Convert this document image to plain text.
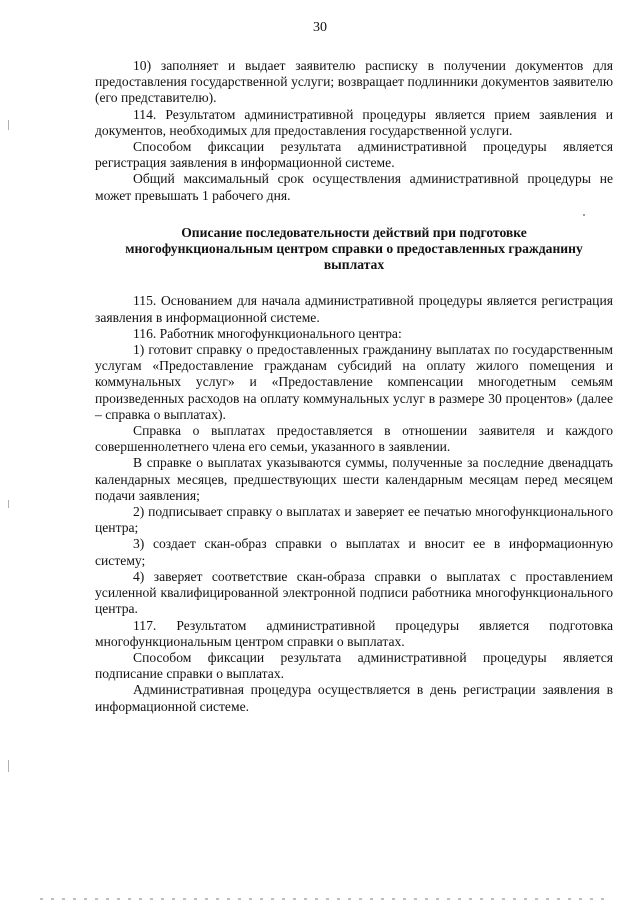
30

10) заполняет и выдает заявителю расписку в получении документов для предоставления государственной услуги; возвращает подлинники документов заявителю (его представителю).

114. Результатом административной процедуры является прием заявления и документов, необходимых для предоставления государственной услуги.

Способом фиксации результата административной процедуры является регистрация заявления в информационной системе.

Общий максимальный срок осуществления административной процедуры не может превышать 1 рабочего дня.

Описание последовательности действий при подготовке многофункциональным центром справки о предоставленных гражданину выплатах

115. Основанием для начала административной процедуры является регистрация заявления в информационной системе.

116. Работник многофункционального центра:

1) готовит справку о предоставленных гражданину выплатах по государственным услугам «Предоставление гражданам субсидий на оплату жилого помещения и коммунальных услуг» и «Предоставление компенсации многодетным семьям произведенных расходов на оплату коммунальных услуг в размере 30 процентов» (далее – справка о выплатах).

Справка о выплатах предоставляется в отношении заявителя и каждого совершеннолетнего члена его семьи, указанного в заявлении.

В справке о выплатах указываются суммы, полученные за последние двенадцать календарных месяцев, предшествующих шести календарным месяцам перед месяцем подачи заявления;

2) подписывает справку о выплатах и заверяет ее печатью многофункционального центра;

3) создает скан-образ справки о выплатах и вносит ее в информационную систему;

4) заверяет соответствие скан-образа справки о выплатах с проставлением усиленной квалифицированной электронной подписи работника многофункционального центра.

117. Результатом административной процедуры является подготовка многофункциональным центром справки о выплатах.

Способом фиксации результата административной процедуры является подписание справки о выплатах.

Административная процедура осуществляется в день регистрации заявления в информационной системе.
